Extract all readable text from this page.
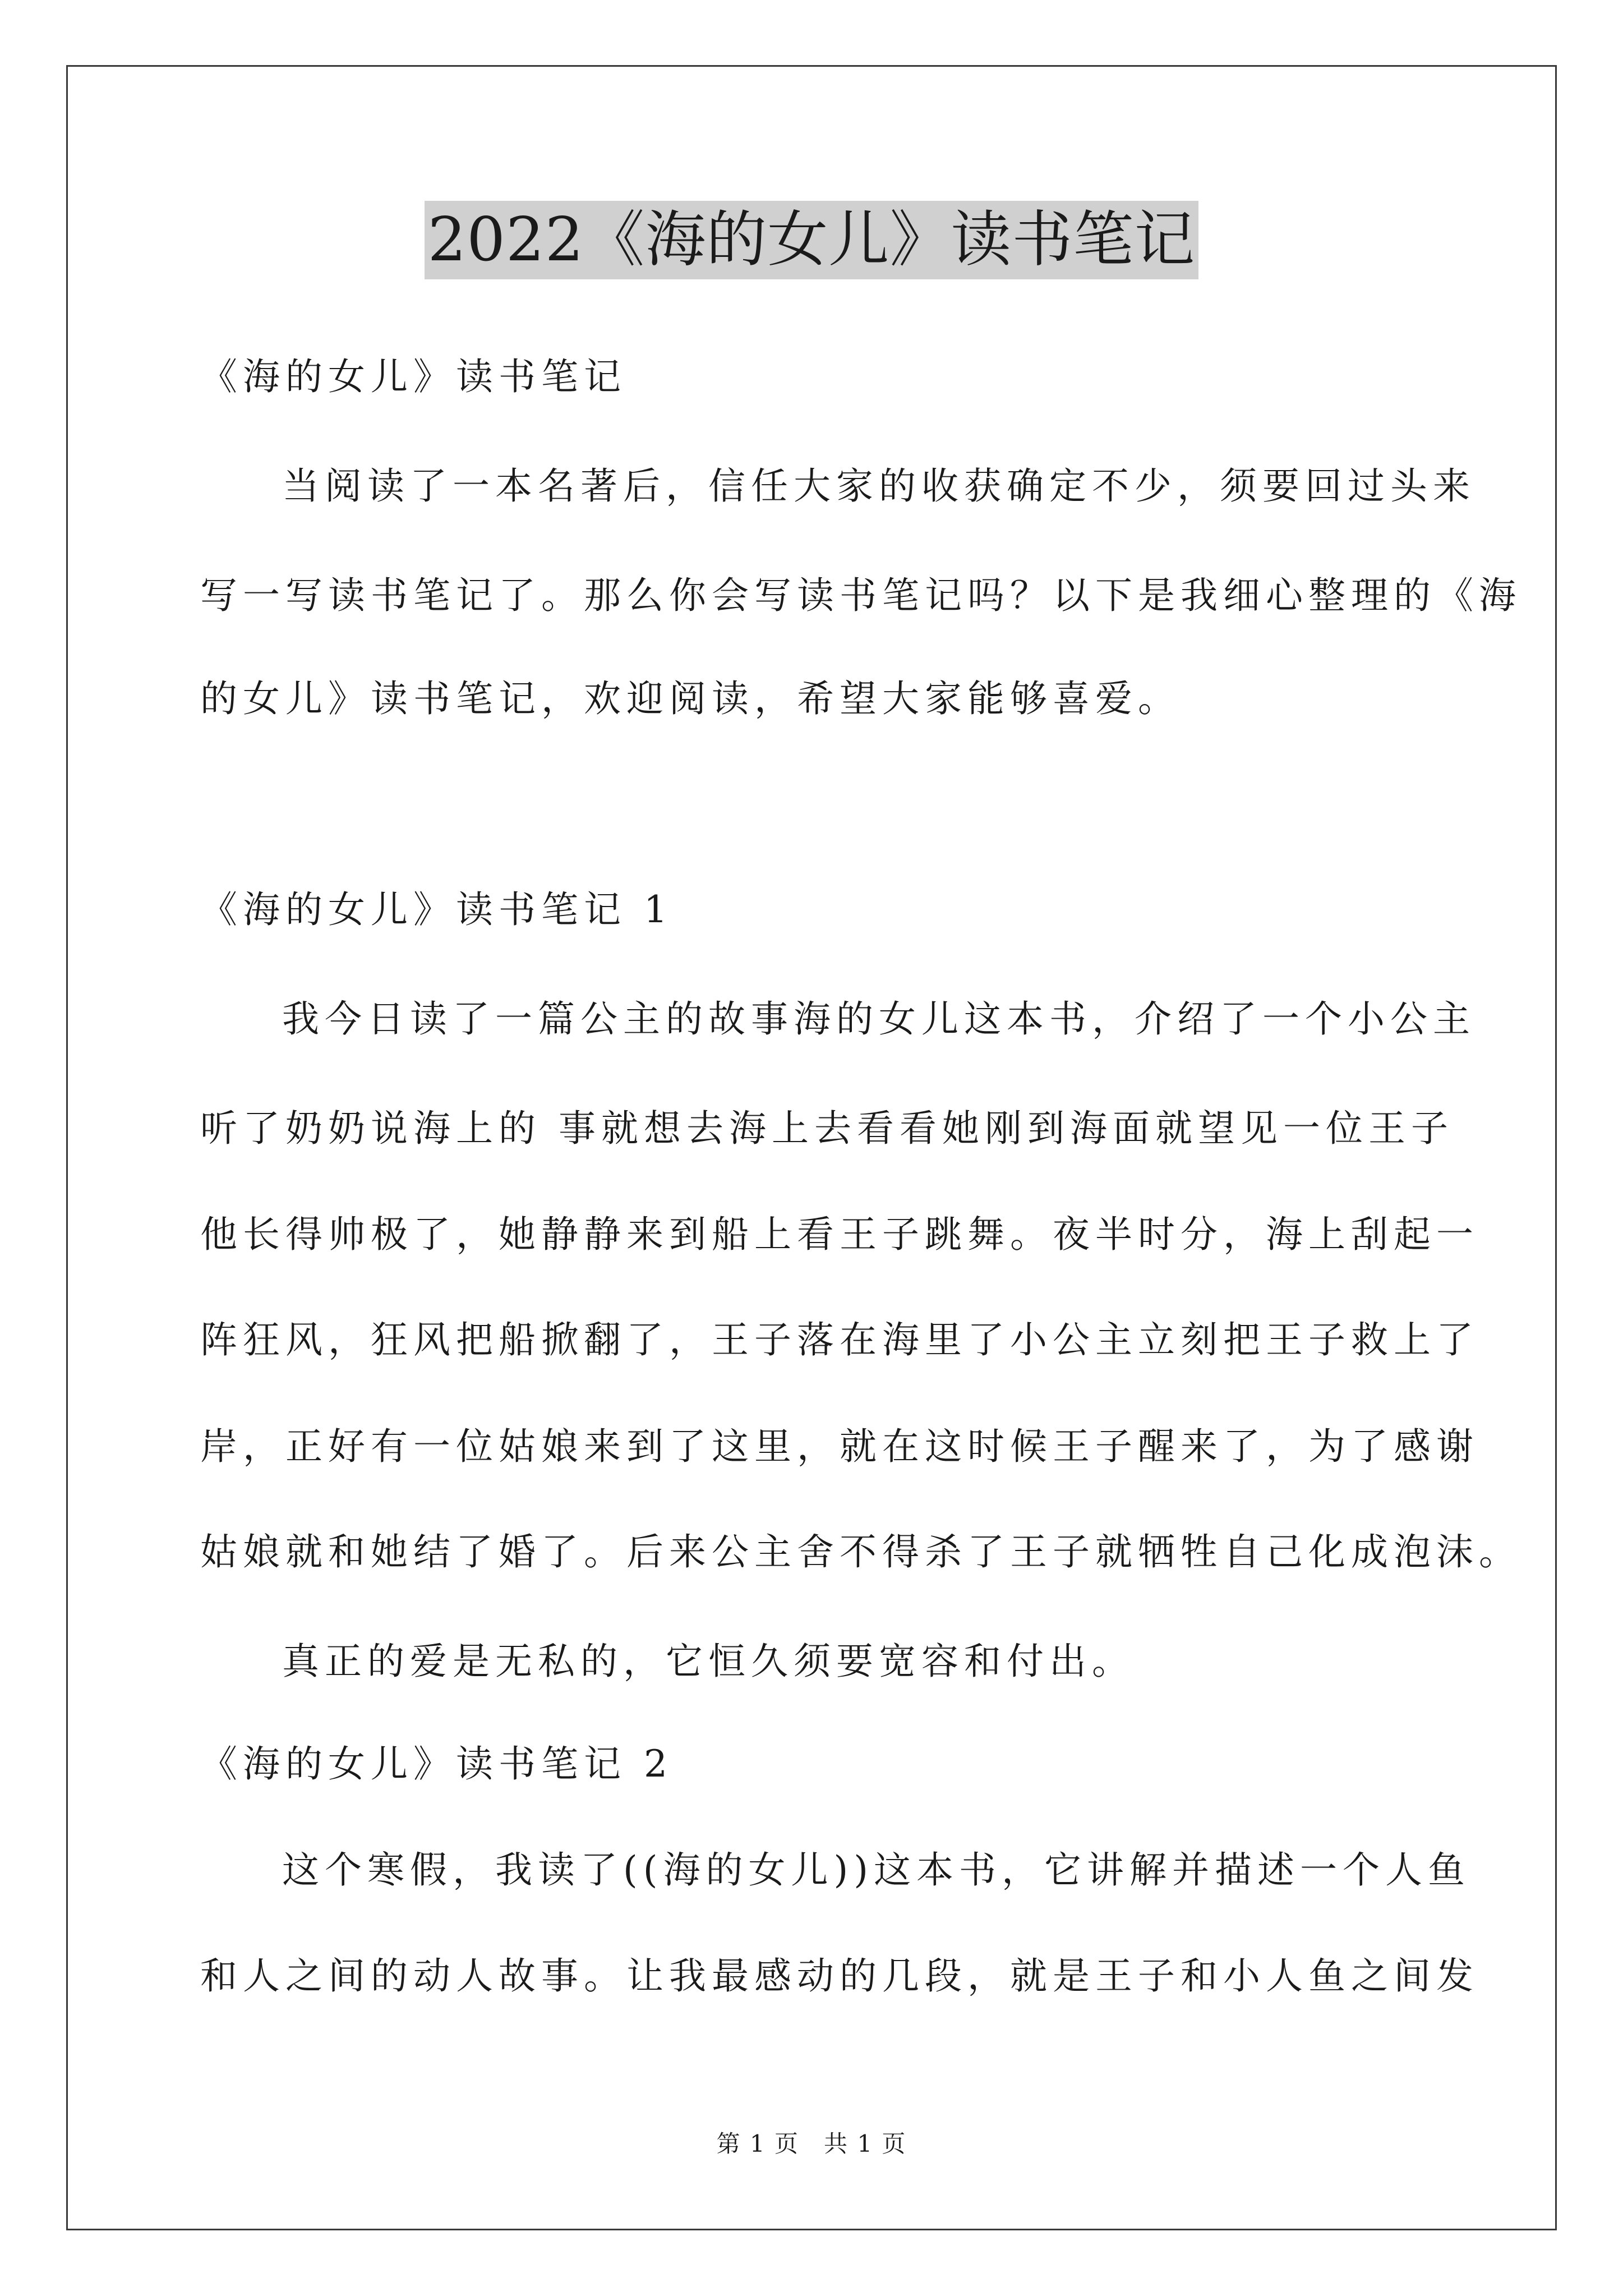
2022《海的女儿》读书笔记
《海的女儿》读书笔记
当阅读了一本名著后，信任大家的收获确定不少，须要回过头来
写一写读书笔记了。那么你会写读书笔记吗？以下是我细心整理的《海
的女儿》读书笔记，欢迎阅读，希望大家能够喜爱。
《海的女儿》读书笔记 1
我今日读了一篇公主的故事海的女儿这本书，介绍了一个小公主
听了奶奶说海上的 事就想去海上去看看她刚到海面就望见一位王子
他长得帅极了，她静静来到船上看王子跳舞。夜半时分，海上刮起一
阵狂风，狂风把船掀翻了，王子落在海里了小公主立刻把王子救上了
岸，正好有一位姑娘来到了这里，就在这时候王子醒来了，为了感谢
姑娘就和她结了婚了。后来公主舍不得杀了王子就牺牲自己化成泡沫。
真正的爱是无私的，它恒久须要宽容和付出。
《海的女儿》读书笔记 2
这个寒假，我读了((海的女儿))这本书，它讲解并描述一个人鱼
和人之间的动人故事。让我最感动的几段，就是王子和小人鱼之间发
第 1 页　共 1 页
